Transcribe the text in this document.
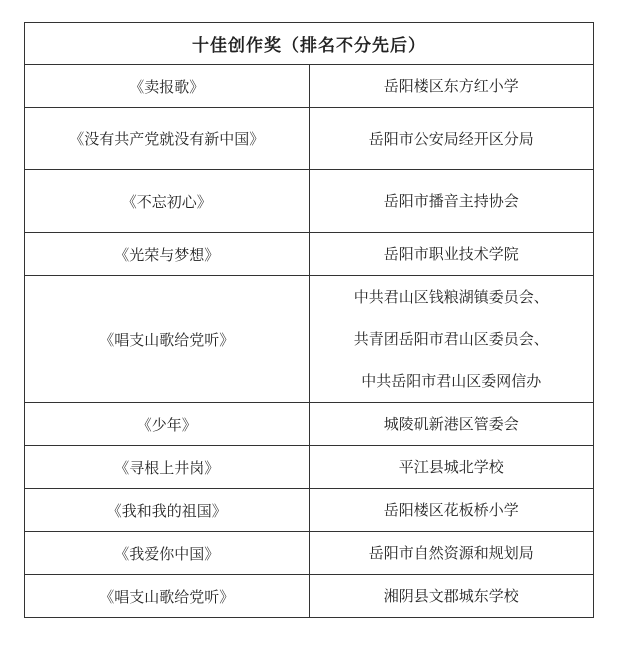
十佳创作奖（排名不分先后）	
《卖报歌》	岳阳楼区东方红小学

《没有共产党就没有新中国》	岳阳市公安局经开区分局

《不忘初心》	岳阳市播音主持协会

《光荣与梦想》	岳阳市职业技术学院

《唱支山歌给党听》	中共君山区钱粮湖镇委员会、
共青团岳阳市君山区委员会、
中共岳阳市君山区委网信办

《少年》	城陵矶新港区管委会

《寻根上井岗》	平江县城北学校

《我和我的祖国》	岳阳楼区花板桥小学

《我爱你中国》	岳阳市自然资源和规划局

《唱支山歌给党听》	湘阴县文郡城东学校
